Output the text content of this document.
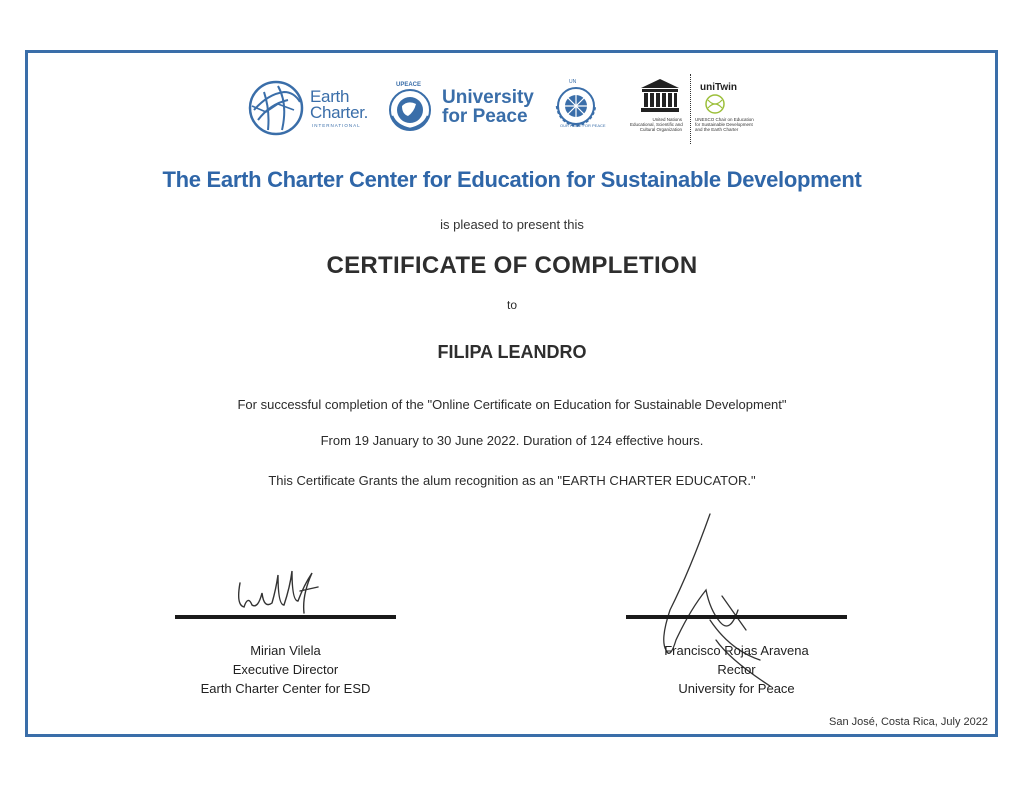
Earth
Charter.
INTERNATIONAL
UPEACE
University
for Peace
UN
OUR HOPE FOR PEACE
United Nations
Educational, Scientific and
Cultural Organization
uniTwin
UNESCO Chair on Education
for Sustainable Development
and the Earth Charter
The Earth Charter Center for Education for Sustainable Development
is pleased to present this
CERTIFICATE OF COMPLETION
to
FILIPA LEANDRO
For successful completion of the "Online Certificate on Education for Sustainable Development"
From 19 January to 30 June 2022. Duration of 124 effective hours.
This Certificate Grants the alum recognition as an "EARTH CHARTER EDUCATOR."
Mirian Vilela
Executive Director
Earth Charter Center for ESD
Francisco Rojas Aravena
Rector
University for Peace
San José, Costa Rica, July 2022
